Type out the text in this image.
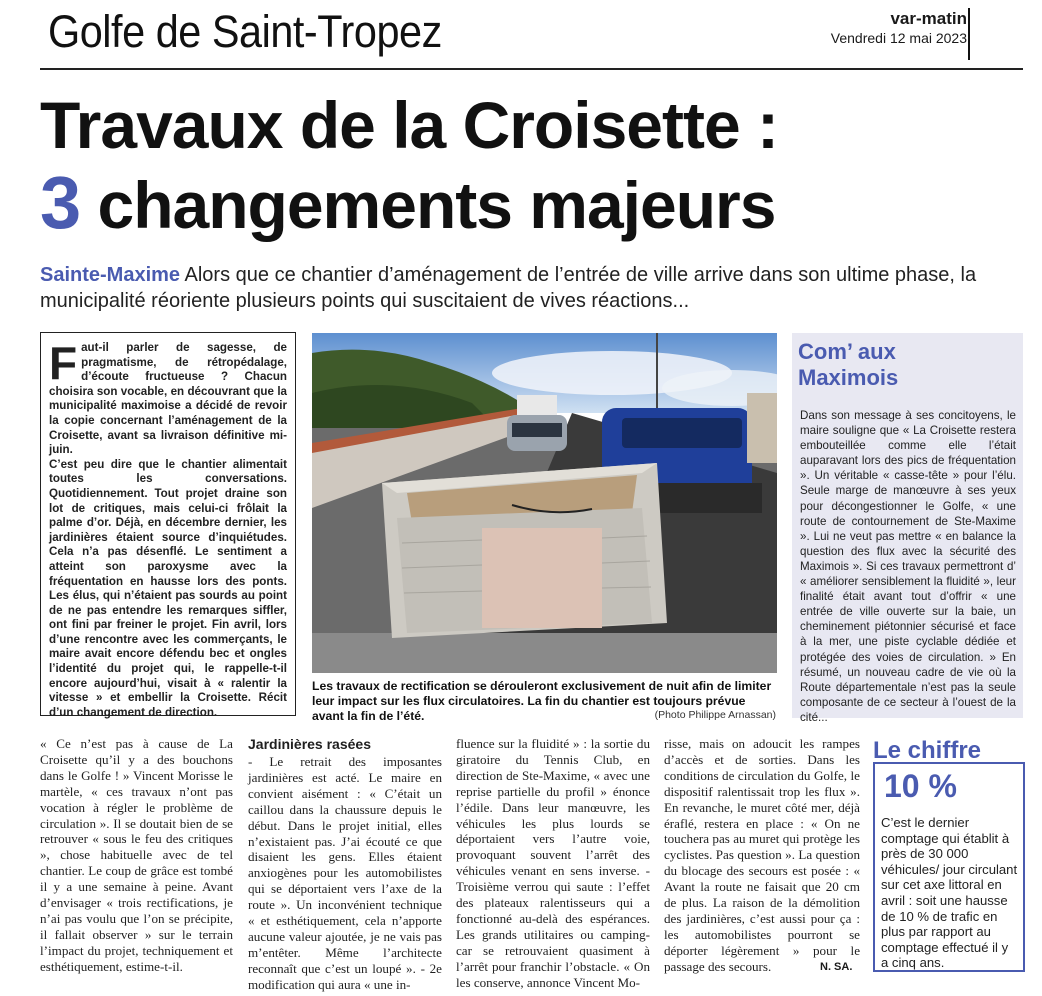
Golfe de Saint-Tropez	var-matin
Vendredi 12 mai 2023
Travaux de la Croisette :
3 changements majeurs
Sainte-Maxime Alors que ce chantier d’aménagement de l’entrée de ville arrive dans son ultime phase, la municipalité réoriente plusieurs points qui suscitaient de vives réactions...
Faut-il parler de sagesse, de pragmatisme, de rétropédalage, d’écoute fructueuse ? Chacun choisira son vocable, en découvrant que la municipalité maximoise a décidé de revoir la copie concernant l’aménagement de la Croisette, avant sa livraison définitive mi-juin.
C’est peu dire que le chantier alimentait toutes les conversations. Quotidiennement. Tout projet draine son lot de critiques, mais celui-ci frôlait la palme d’or. Déjà, en décembre dernier, les jardinières étaient source d’inquiétudes. Cela n’a pas désenflé. Le sentiment a atteint son paroxysme avec la fréquentation en hausse lors des ponts. Les élus, qui n’étaient pas sourds au point de ne pas entendre les remarques siffler, ont fini par freiner le projet. Fin avril, lors d’une rencontre avec les commerçants, le maire avait encore défendu bec et ongles l’identité du projet qui, le rappelle-t-il encore aujourd’hui, visait à « ralentir la vitesse » et embellir la Croisette. Récit d’un changement de direction.
Les travaux de rectification se dérouleront exclusivement de nuit afin de limiter leur impact sur les flux circulatoires. La fin du chantier est toujours prévue avant la fin de l’été.	(Photo Philippe Arnassan)
Com’ aux
Maximois
Dans son message à ses concitoyens, le maire souligne que « La Croisette restera embouteillée comme elle l’était auparavant lors des pics de fréquentation ». Un véritable « casse-tête » pour l’élu. Seule marge de manœuvre à ses yeux pour décongestionner le Golfe, « une route de contournement de Ste-Maxime ». Lui ne veut pas mettre « en balance la question des flux avec la sécurité des Maximois ». Si ces travaux permettront d’ « améliorer sensiblement la fluidité », leur finalité était avant tout d’offrir « une entrée de ville ouverte sur la baie, un cheminement piétonnier sécurisé et face à la mer, une piste cyclable dédiée et protégée des voies de circulation. » En résumé, un nouveau cadre de vie où la Route départementale n’est pas la seule composante de ce secteur à l’ouest de la cité...
« Ce n’est pas à cause de La Croisette qu’il y a des bouchons dans le Golfe ! » Vincent Morisse le martèle, « ces travaux n’ont pas vocation à régler le problème de circulation ». Il se doutait bien de se retrouver « sous le feu des critiques », chose habituelle avec de tel chantier. Le coup de grâce est tombé il y a une semaine à peine. Avant d’envisager « trois rectifications, je n’ai pas voulu que l’on se précipite, il fallait observer » sur le terrain l’impact du projet, techniquement et esthétiquement, estime-t-il.
Jardinières rasées
- Le retrait des imposantes jardinières est acté. Le maire en convient aisément : « C’était un caillou dans la chaussure depuis le début. Dans le projet initial, elles n’existaient pas. J’ai écouté ce que disaient les gens. Elles étaient anxiogènes pour les automobilistes qui se déportaient vers l’axe de la route ». Un inconvénient technique « et esthétiquement, cela n’apporte aucune valeur ajoutée, je ne vais pas m’entêter. Même l’architecte reconnaît que c’est un loupé ». - 2e modification qui aura « une in-
fluence sur la fluidité » : la sortie du giratoire du Tennis Club, en direction de Ste-Maxime, « avec une reprise partielle du profil » énonce l’édile. Dans leur manœuvre, les véhicules les plus lourds se déportaient vers l’autre voie, provoquant souvent l’arrêt des véhicules venant en sens inverse. - Troisième verrou qui saute : l’effet des plateaux ralentisseurs qui a fonctionné au-delà des espérances. Les grands utilitaires ou camping-car se retrouvaient quasiment à l’arrêt pour franchir l’obstacle. « On les conserve, annonce Vincent Mo-
risse, mais on adoucit les rampes d’accès et de sorties. Dans les conditions de circulation du Golfe, le dispositif ralentissait trop les flux ». En revanche, le muret côté mer, déjà éraflé, restera en place : « On ne touchera pas au muret qui protège les cyclistes. Pas question ». La question du blocage des secours est posée : « Avant la route ne faisait que 20 cm de plus. La raison de la démolition des jardinières, c’est aussi pour ça : les automobilistes pourront se déporter légèrement » pour le passage des secours.	N. SA.
Le chiffre
10 %
C’est le dernier comptage qui établit à près de 30 000 véhicules/ jour circulant sur cet axe littoral en avril : soit une hausse de 10 % de trafic en plus par rapport au comptage effectué il y a cinq ans.
